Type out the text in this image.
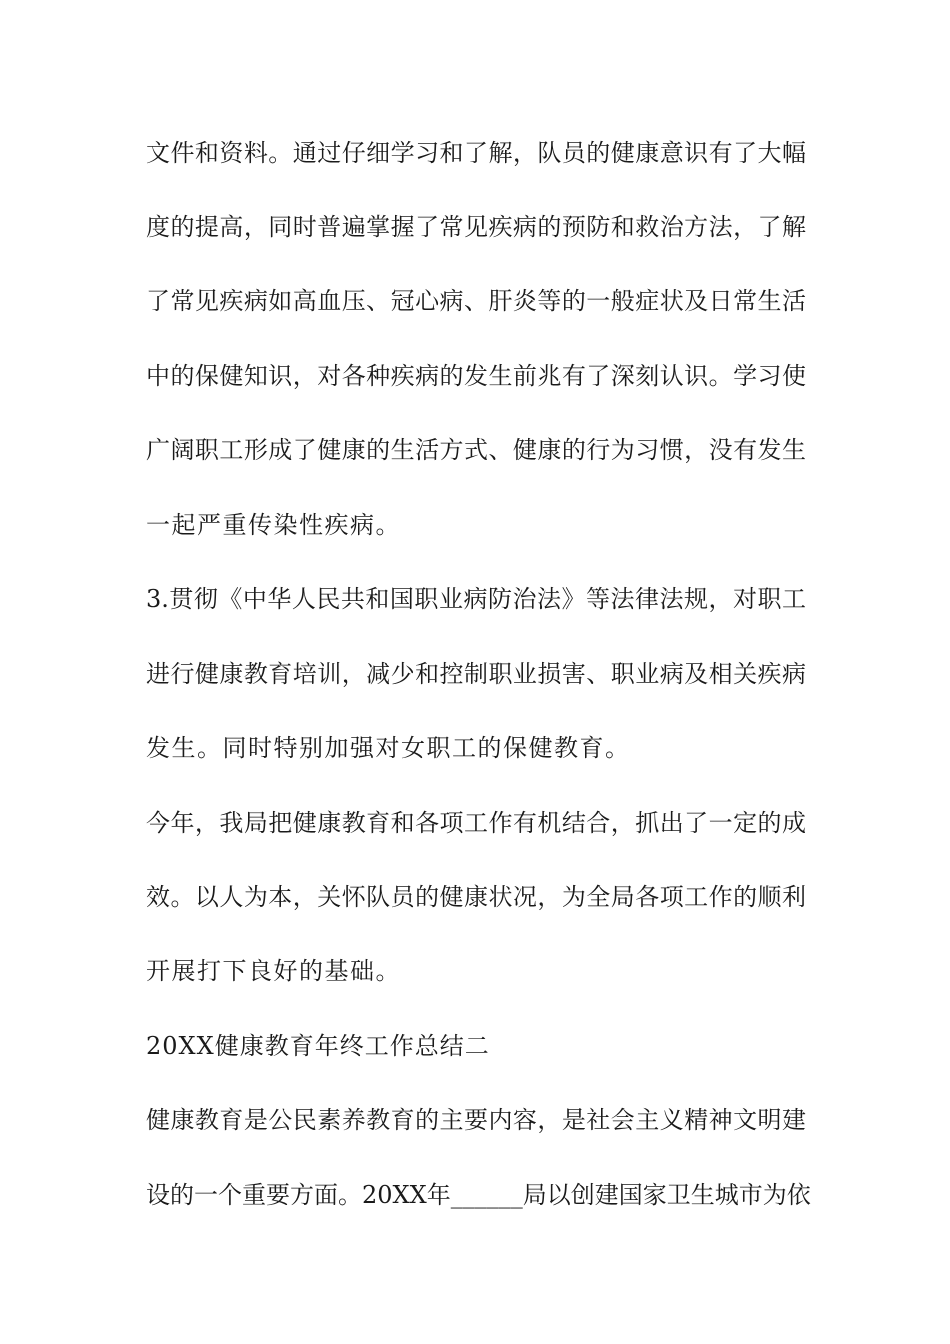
文件和资料。通过仔细学习和了解，队员的健康意识有了大幅
度的提高，同时普遍掌握了常见疾病的预防和救治方法，了解
了常见疾病如高血压、冠心病、肝炎等的一般症状及日常生活
中的保健知识，对各种疾病的发生前兆有了深刻认识。学习使
广阔职工形成了健康的生活方式、健康的行为习惯，没有发生
一起严重传染性疾病。
3.贯彻《中华人民共和国职业病防治法》等法律法规，对职工
进行健康教育培训，减少和控制职业损害、职业病及相关疾病
发生。同时特别加强对女职工的保健教育。
今年，我局把健康教育和各项工作有机结合，抓出了一定的成
效。以人为本，关怀队员的健康状况，为全局各项工作的顺利
开展打下良好的基础。
20XX健康教育年终工作总结二
健康教育是公民素养教育的主要内容，是社会主义精神文明建
设的一个重要方面。20XX年______局以创建国家卫生城市为依
